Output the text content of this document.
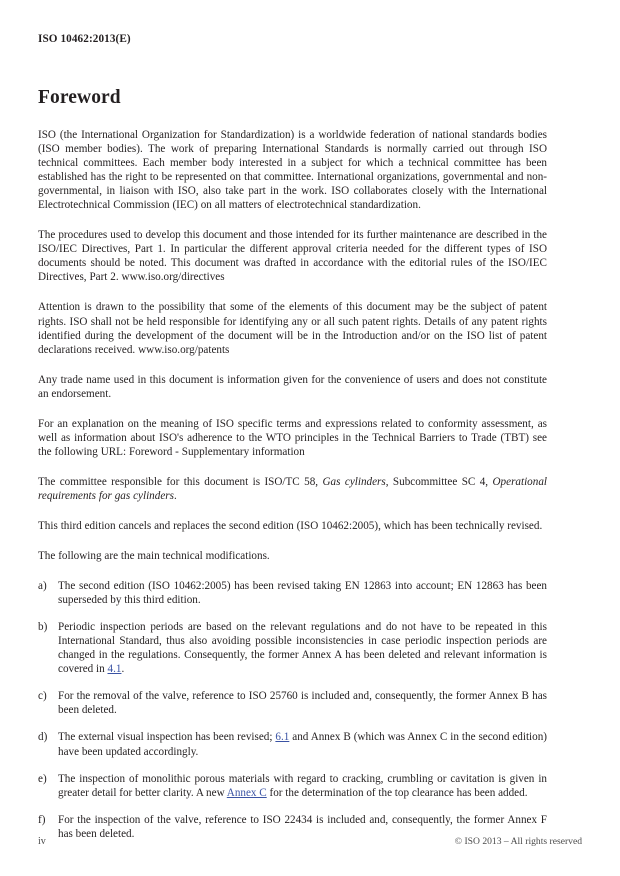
ISO 10462:2013(E)
Foreword

ISO (the International Organization for Standardization) is a worldwide federation of national standards bodies (ISO member bodies). The work of preparing International Standards is normally carried out through ISO technical committees. Each member body interested in a subject for which a technical committee has been established has the right to be represented on that committee. International organizations, governmental and non-governmental, in liaison with ISO, also take part in the work. ISO collaborates closely with the International Electrotechnical Commission (IEC) on all matters of electrotechnical standardization.

The procedures used to develop this document and those intended for its further maintenance are described in the ISO/IEC Directives, Part 1. In particular the different approval criteria needed for the different types of ISO documents should be noted. This document was drafted in accordance with the editorial rules of the ISO/IEC Directives, Part 2. www.iso.org/directives

Attention is drawn to the possibility that some of the elements of this document may be the subject of patent rights. ISO shall not be held responsible for identifying any or all such patent rights. Details of any patent rights identified during the development of the document will be in the Introduction and/or on the ISO list of patent declarations received. www.iso.org/patents

Any trade name used in this document is information given for the convenience of users and does not constitute an endorsement.

For an explanation on the meaning of ISO specific terms and expressions related to conformity assessment, as well as information about ISO's adherence to the WTO principles in the Technical Barriers to Trade (TBT) see the following URL: Foreword - Supplementary information

The committee responsible for this document is ISO/TC 58, Gas cylinders, Subcommittee SC 4, Operational requirements for gas cylinders.

This third edition cancels and replaces the second edition (ISO 10462:2005), which has been technically revised.

The following are the main technical modifications.

a)	The second edition (ISO 10462:2005) has been revised taking EN 12863 into account; EN 12863 has been superseded by this third edition.
b) Periodic inspection periods are based on the relevant regulations and do not have to be repeated in this International Standard, thus also avoiding possible inconsistencies in case periodic inspection periods are changed in the regulations. Consequently, the former Annex A has been deleted and relevant information is covered in 4.1.
c)	For the removal of the valve, reference to ISO 25760 is included and, consequently, the former Annex B has been deleted.
d) The external visual inspection has been revised; 6.1 and Annex B (which was Annex C in the second edition) have been updated accordingly.
e)	The inspection of monolithic porous materials with regard to cracking, crumbling or cavitation is given in greater detail for better clarity. A new Annex C for the determination of the top clearance has been added.
f)	For the inspection of the valve, reference to ISO 22434 is included and, consequently, the former Annex F has been deleted.
iv	© ISO 2013 – All rights reserved
